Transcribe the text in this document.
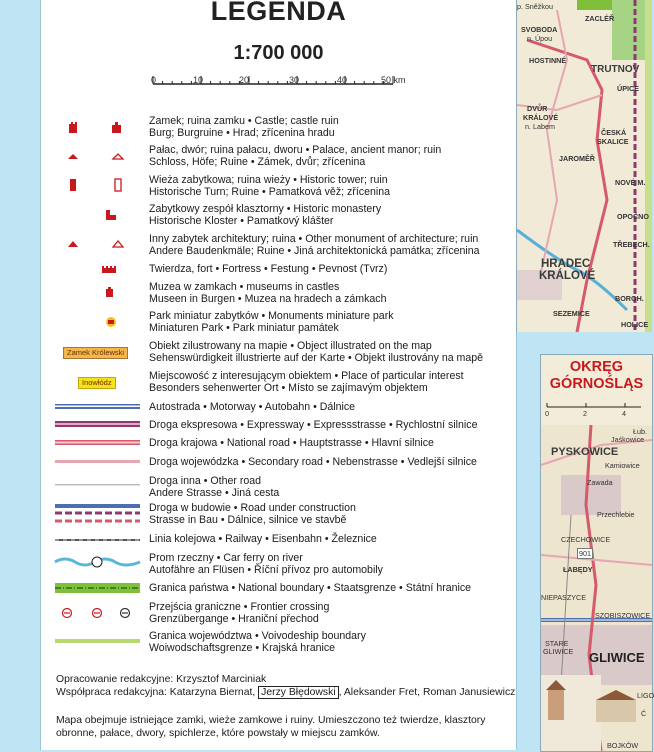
LEGENDA
1:700 000
0	10	20	30	40	50 km
Zamek Królewski
Inowłódz
Zamek; ruina zamku • Castle; castle ruin
Burg; Burgruine • Hrad; zřícenina hradu
Pałac, dwór; ruina pałacu, dworu • Palace, ancient manor; ruin
Schloss, Höfe; Ruine • Zámek, dvůr; zřícenina
Wieża zabytkowa; ruina wieży • Historic tower; ruin
Historische Turn; Ruine • Pamatková věž; zřícenina
Zabytkowy zespół klasztorny • Historic monastery
Historische Kloster • Pamatkový klášter
Inny zabytek architektury; ruina • Other monument of architecture; ruin
Andere Baudenkmäle; Ruine • Jiná architektonická památka; zřícenina
Twierdza, fort • Fortress • Festung • Pevnost (Tvrz)
Muzea w zamkach • museums in castles
Museen in Burgen • Muzea na hradech a zámkach
Park miniatur zabytków • Monuments miniature park
Miniaturen Park • Park miniatur památek
Obiekt zilustrowany na mapie • Object illustrated on the map
Sehenswürdigkeit illustrierte auf der Karte • Objekt ilustrovány na mapě
Miejscowość z interesującym obiektem • Place of particular interest
Besonders sehenwerter Ort • Místo se zajímavým objektem
Autostrada • Motorway • Autobahn • Dálnice
Droga ekspresowa • Expressway • Expressstrasse • Rychlostní silnice
Droga krajowa • National road • Hauptstrasse • Hlavní silnice
Droga wojewódzka • Secondary road • Nebenstrasse • Vedlejší silnice
Droga inna • Other road
Andere Strasse • Jiná cesta
Droga w budowie • Road under construction
Strasse in Bau • Dálnice, silnice ve stavbě
Linia kolejowa • Railway • Eisenbahn • Železnice
Prom rzeczny • Car ferry on river
Autofähre an Flüsen • Říční přívoz pro automobily
Granica państwa • National boundary • Staatsgrenze • Státní hranice
Przejścia graniczne • Frontier crossing
Grenzübergange • Hraniční přechod
Granica województwa • Voivodeship boundary
Woiwodschaftsgrenze • Krajská hranice
Opracowanie redakcyjne: Krzysztof Marciniak
Współpraca redakcyjna: Katarzyna Biernat, Jerzy Błędowski , Aleksander Fret, Roman Janusiewicz
Mapa obejmuje istniejące zamki, wieże zamkowe i ruiny. Umieszczono też twierdze, klasztory obronne, pałace, dwory, spichlerze, które powstały w miejscu zamków.
p. Sněžkou
SVOBODA
n. Úpou
ZACLÉŘ
HOSTINNÉ
TRUTNOV
ÚPICE
DVŮR
KRÁLOVÉ
n. Labem
ČESKÁ
SKALICE
JAROMĚŘ
NOVÉ M.
OPOČNO
HRADEC
KRÁLOVÉ
TŘEBECH.
BOROH.
SEZEMICE
HOLICE
OKRĘG
GÓRNOŚLĄS
0	2	4
Łub.
Jaśkowice
PYSKOWICE
Kamiowice
Zawada
Przechlebie
CZECHOWICE
901
ŁABĘDY
NIEPASZYCE
SZOBISZOWICE
STARE
GLIWICE GLIWICE
LIGO
Ć
BOJKÓW
